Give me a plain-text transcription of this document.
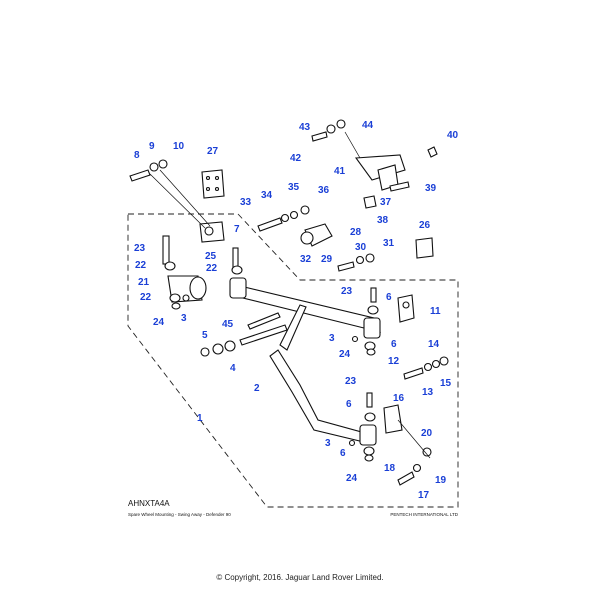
1
2
3
3
3
4
5
6
6
6
6
7
8
9 10
11
12
13
14
15
16
17
18
19
20
21
22	22
22
23
23
23
24
24
24
25
26
27
28
29
30 31
32
33
34
35 36
37
38
39
40
41
42
43	44
45
AHNXTA4A
Spare Wheel Mounting - Swing Away - Defender 90	PENTECH INTERNATIONAL LTD
© Copyright, 2016. Jaguar Land Rover Limited.
